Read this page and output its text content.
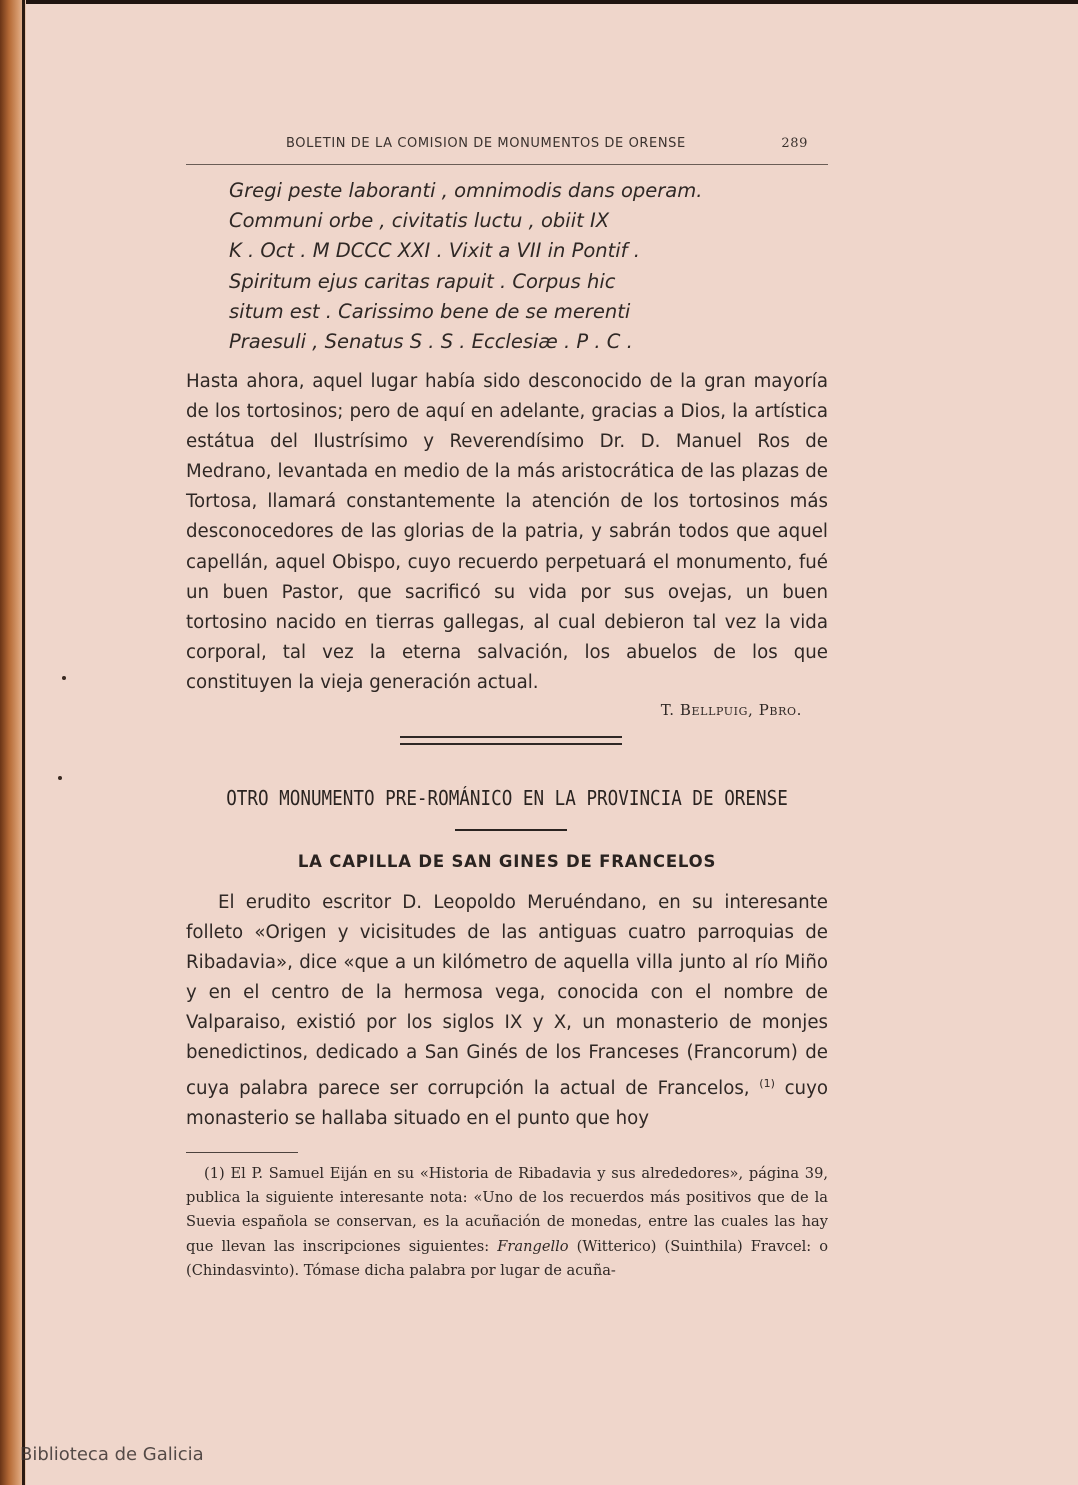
BOLETIN DE LA COMISION DE MONUMENTOS DE ORENSE	289
Gregi peste laboranti , omnimodis dans operam.
Communi orbe , civitatis luctu , obiit IX
K . Oct . M DCCC XXI . Vixit a VII in Pontif .
Spiritum ejus caritas rapuit . Corpus hic
situm est . Carissimo bene de se merenti
Praesuli , Senatus S . S . Ecclesiæ . P . C .
Hasta ahora, aquel lugar había sido desconocido de la gran mayoría de los tortosinos; pero de aquí en adelante, gracias a Dios, la artística estátua del Ilustrísimo y Reverendísimo Dr. D. Manuel Ros de Medrano, levantada en medio de la más aristocrática de las plazas de Tortosa, llamará constantemente la atención de los tortosinos más desconocedores de las glorias de la patria, y sabrán todos que aquel capellán, aquel Obispo, cuyo recuerdo perpetuará el monumento, fué un buen Pastor, que sacrificó su vida por sus ovejas, un buen tortosino nacido en tierras gallegas, al cual debieron tal vez la vida corporal, tal vez la eterna salvación, los abuelos de los que constituyen la vieja generación actual.
T. Bellpuig, Pbro.
OTRO MONUMENTO PRE-ROMÁNICO EN LA PROVINCIA DE ORENSE
LA CAPILLA DE SAN GINES DE FRANCELOS
El erudito escritor D. Leopoldo Meruéndano, en su interesante folleto «Origen y vicisitudes de las antiguas cuatro parroquias de Ribadavia», dice «que a un kilómetro de aquella villa junto al río Miño y en el centro de la hermosa vega, conocida con el nombre de Valparaiso, existió por los siglos IX y X, un monasterio de monjes benedictinos, dedicado a San Ginés de los Franceses (Francorum) de cuya palabra parece ser corrupción la actual de Francelos, $^{(1)}$ cuyo monasterio se hallaba situado en el punto que hoy
(1) El P. Samuel Eiján en su «Historia de Ribadavia y sus alrededores», página 39, publica la siguiente interesante nota: «Uno de los recuerdos más positivos que de la Suevia española se conservan, es la acuñación de monedas, entre las cuales las hay que llevan las inscripciones siguientes: Frangello (Witterico) (Suinthila) Fravcel: o (Chindasvinto). Tómase dicha palabra por lugar de acuña-
Biblioteca de Galicia
